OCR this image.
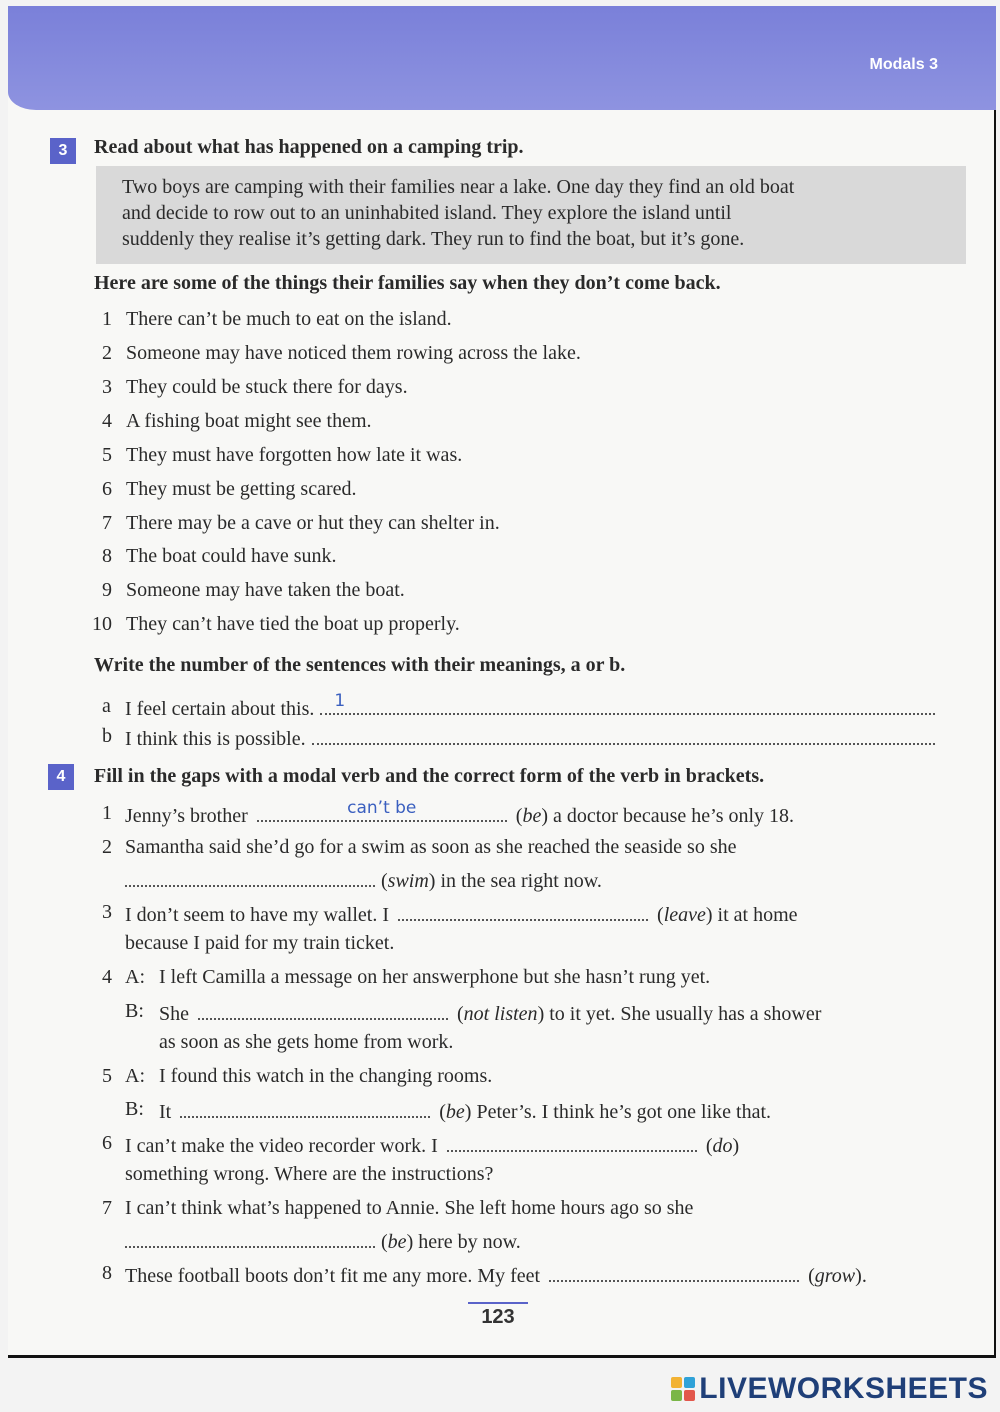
Modals 3
3	Read about what has happened on a camping trip.

Two boys are camping with their families near a lake. One day they find an old boat

and decide to row out to an uninhabited island. They explore the island until

suddenly they realise it’s getting dark. They run to find the boat, but it’s gone.

Here are some of the things their families say when they don’t come back.
1 There can’t be much to eat on the island.
2 Someone may have noticed them rowing across the lake.
3 They could be stuck there for days.
4 A fishing boat might see them.
5 They must have forgotten how late it was.
6 They must be getting scared.
7 There may be a cave or hut they can shelter in.
8 The boat could have sunk.
9 Someone may have taken the boat.
10 They can’t have tied the boat up properly.
Write the number of the sentences with their meanings, a or b.
a I feel certain about this. 1
b I think this is possible.
4	Fill in the gaps with a modal verb and the correct form of the verb in brackets.
1 Jenny’s brother	can’t be	(be) a doctor because he’s only 18.
2 Samantha said she’d go for a swim as soon as she reached the seaside so she
(swim) in the sea right now.
3 I don’t seem to have my wallet. I	(leave) it at home
because I paid for my train ticket.
4 A: I left Camilla a message on her answerphone but she hasn’t rung yet.
B: She	(not listen) to it yet. She usually has a shower
as soon as she gets home from work.
5 A: I found this watch in the changing rooms.
B: It	(be) Peter’s. I think he’s got one like that.
6 I can’t make the video recorder work. I	(do)
something wrong. Where are the instructions?
7 I can’t think what’s happened to Annie. She left home hours ago so she
(be) here by now.
8 These football boots don’t fit me any more. My feet	(grow).
123
LIVEWORKSHEETS
